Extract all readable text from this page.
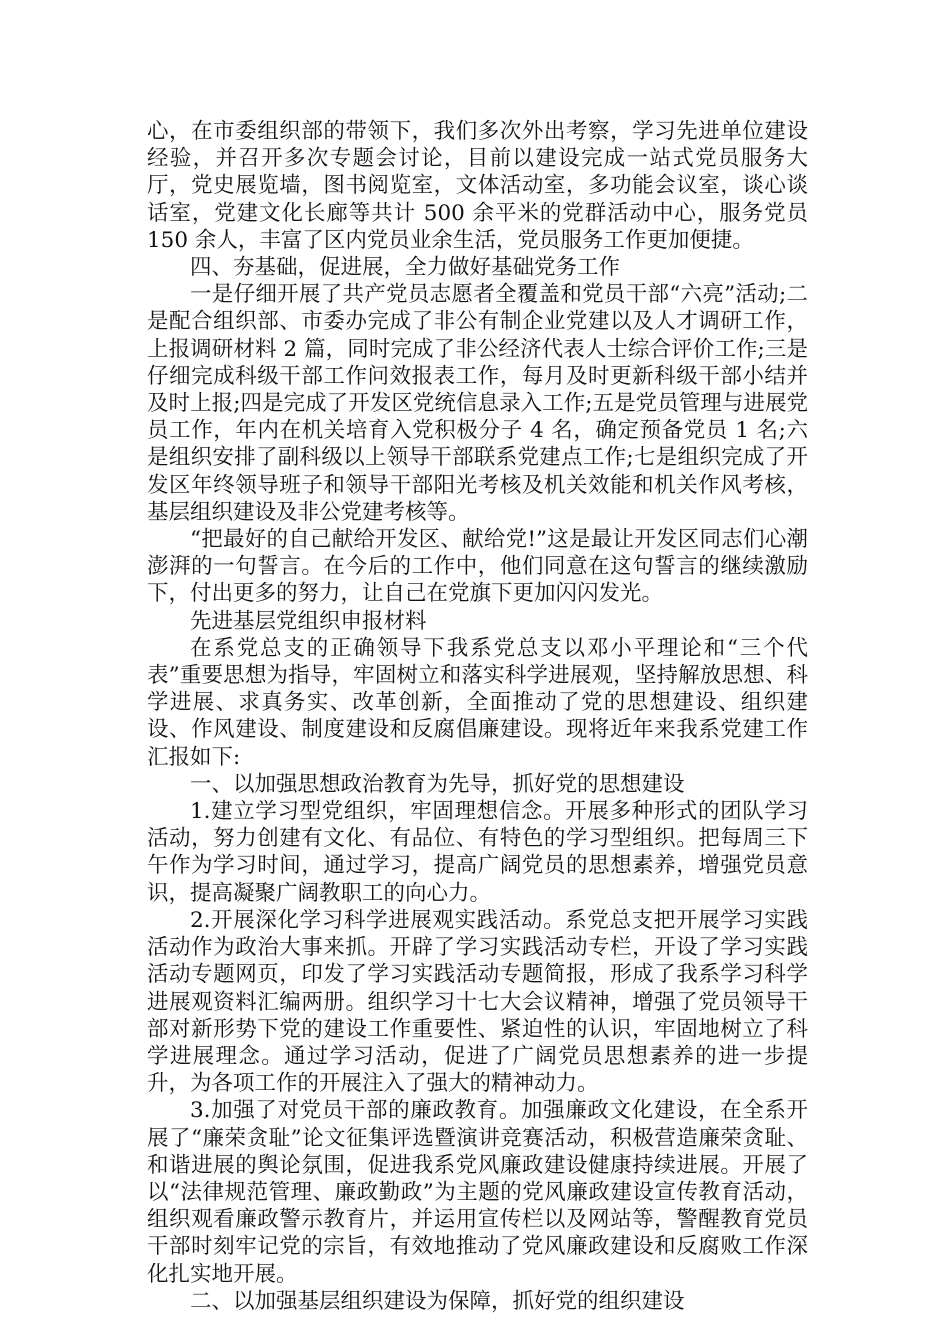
心，在市委组织部的带领下，我们多次外出考察，学习先进单位建设经验，并召开多次专题会讨论，目前以建设完成一站式党员服务大厅，党史展览墙，图书阅览室，文体活动室，多功能会议室，谈心谈话室，党建文化长廊等共计 500 余平米的党群活动中心，服务党员 150 余人，丰富了区内党员业余生活，党员服务工作更加便捷。

四、夯基础，促进展，全力做好基础党务工作

一是仔细开展了共产党员志愿者全覆盖和党员干部“六亮”活动;二是配合组织部、市委办完成了非公有制企业党建以及人才调研工作，上报调研材料 2 篇，同时完成了非公经济代表人士综合评价工作;三是仔细完成科级干部工作问效报表工作，每月及时更新科级干部小结并及时上报;四是完成了开发区党统信息录入工作;五是党员管理与进展党员工作，年内在机关培育入党积极分子 4 名，确定预备党员 1 名;六是组织安排了副科级以上领导干部联系党建点工作;七是组织完成了开发区年终领导班子和领导干部阳光考核及机关效能和机关作风考核，基层组织建设及非公党建考核等。

“把最好的自己献给开发区、献给党!”这是最让开发区同志们心潮澎湃的一句誓言。在今后的工作中，他们同意在这句誓言的继续激励下，付出更多的努力，让自己在党旗下更加闪闪发光。

先进基层党组织申报材料

在系党总支的正确领导下我系党总支以邓小平理论和“三个代表”重要思想为指导，牢固树立和落实科学进展观，坚持解放思想、科学进展、求真务实、改革创新，全面推动了党的思想建设、组织建设、作风建设、制度建设和反腐倡廉建设。现将近年来我系党建工作汇报如下:

一、以加强思想政治教育为先导，抓好党的思想建设

1.建立学习型党组织，牢固理想信念。开展多种形式的团队学习活动，努力创建有文化、有品位、有特色的学习型组织。把每周三下午作为学习时间，通过学习，提高广阔党员的思想素养，增强党员意识，提高凝聚广阔教职工的向心力。

2.开展深化学习科学进展观实践活动。系党总支把开展学习实践活动作为政治大事来抓。开辟了学习实践活动专栏，开设了学习实践活动专题网页，印发了学习实践活动专题简报，形成了我系学习科学进展观资料汇编两册。组织学习十七大会议精神，增强了党员领导干部对新形势下党的建设工作重要性、紧迫性的认识，牢固地树立了科学进展理念。通过学习活动，促进了广阔党员思想素养的进一步提升，为各项工作的开展注入了强大的精神动力。

3.加强了对党员干部的廉政教育。加强廉政文化建设，在全系开展了“廉荣贪耻”论文征集评选暨演讲竞赛活动，积极营造廉荣贪耻、和谐进展的舆论氛围，促进我系党风廉政建设健康持续进展。开展了以“法律规范管理、廉政勤政”为主题的党风廉政建设宣传教育活动，组织观看廉政警示教育片，并运用宣传栏以及网站等，警醒教育党员干部时刻牢记党的宗旨，有效地推动了党风廉政建设和反腐败工作深化扎实地开展。

二、以加强基层组织建设为保障，抓好党的组织建设
